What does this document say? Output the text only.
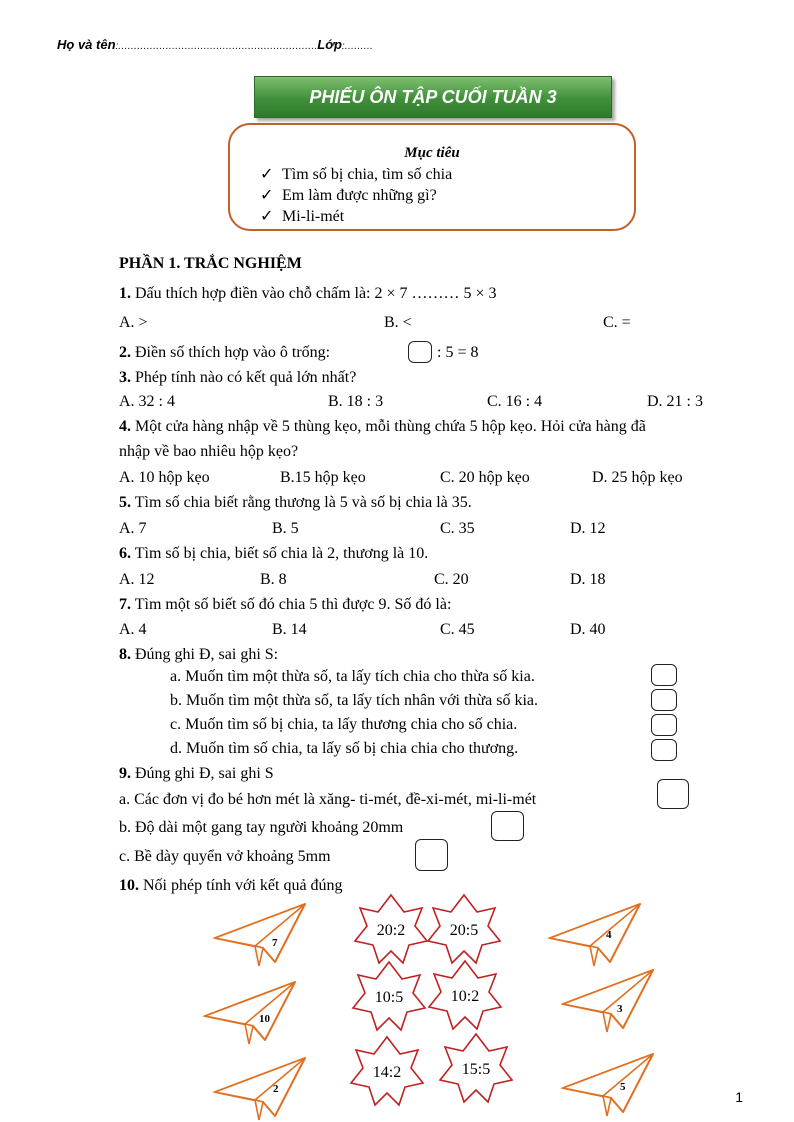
Họ và tên:………………………………………………………Lớp:………
PHIẾU ÔN TẬP CUỐI TUẦN 3
Mục tiêu
✓ Tìm số bị chia, tìm số chia
✓ Em làm được những gì?
✓ Mi-li-mét
PHẦN 1. TRẮC NGHIỆM
1. Dấu thích hợp điền vào chỗ chấm là: 2 × 7 ……… 5 × 3
A. >	B. <	C. =
2. Điền số thích hợp vào ô trống:	: 5 = 8
3. Phép tính nào có kết quả lớn nhất?
A. 32 : 4	B. 18 : 3	C. 16 : 4	D. 21 : 3
4. Một cửa hàng nhập về 5 thùng kẹo, mỗi thùng chứa 5 hộp kẹo. Hỏi cửa hàng đã
nhập về bao nhiêu hộp kẹo?
A. 10 hộp kẹo	B.15 hộp kẹo	C. 20 hộp kẹo	D. 25 hộp kẹo
5. Tìm số chia biết rằng thương là 5 và số bị chia là 35.
A. 7	B. 5	C. 35	D. 12
6. Tìm số bị chia, biết số chia là 2, thương là 10.
A. 12	B. 8	C. 20	D. 18
7. Tìm một số biết số đó chia 5 thì được 9. Số đó là:
A. 4	B. 14	C. 45	D. 40
8. Đúng ghi Đ, sai ghi S:
a. Muốn tìm một thừa số, ta lấy tích chia cho thừa số kia.
b. Muốn tìm một thừa số, ta lấy tích nhân với thừa số kia.
c. Muốn tìm số bị chia, ta lấy thương chia cho số chia.
d. Muốn tìm số chia, ta lấy số bị chia chia cho thương.
9. Đúng ghi Đ, sai ghi S
a. Các đơn vị đo bé hơn mét là xăng- ti-mét, đề-xi-mét, mi-li-mét
b. Độ dài một gang tay người khoảng 20mm
c. Bề dày quyển vở khoảng 5mm
10. Nối phép tính với kết quả đúng
7
4
10
3
2	5
20:2	20:5
10:5	10:2
14:2	15:5
1
